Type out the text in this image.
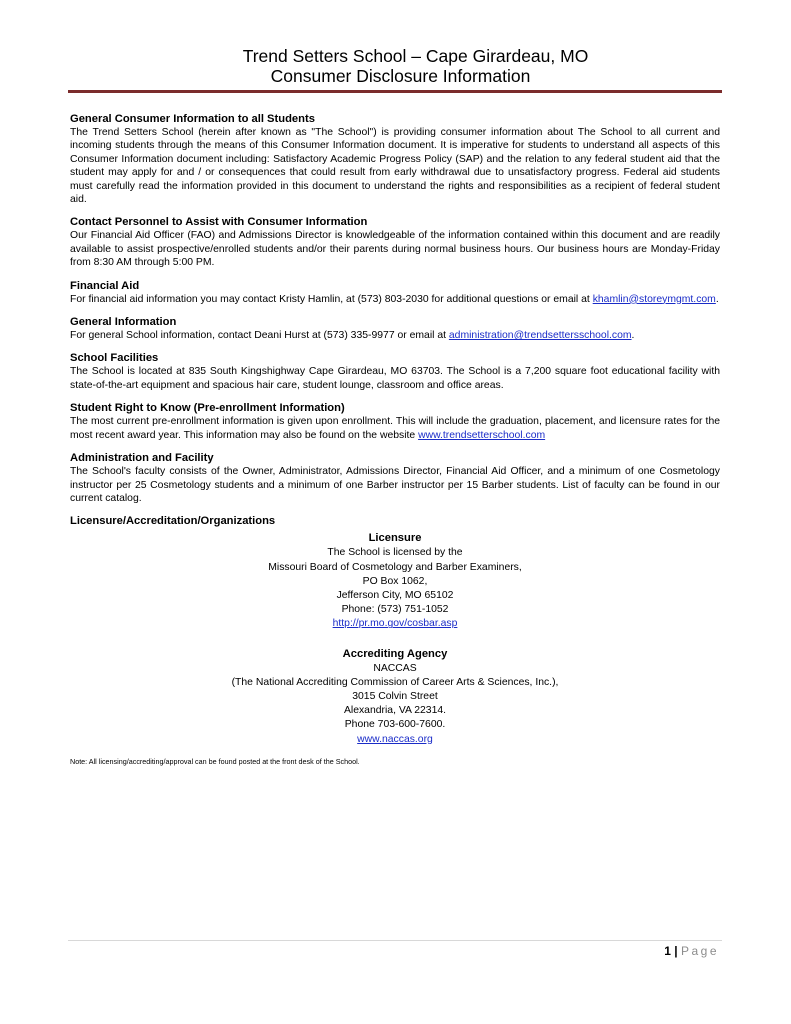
Trend Setters School – Cape Girardeau, MO
Consumer Disclosure Information
General Consumer Information to all Students
The Trend Setters School (herein after known as "The School") is providing consumer information about The School to all current and incoming students through the means of this Consumer Information document. It is imperative for students to understand all aspects of this Consumer Information document including: Satisfactory Academic Progress Policy (SAP) and the relation to any federal student aid that the student may apply for and / or consequences that could result from early withdrawal due to unsatisfactory progress. Federal aid students must carefully read the information provided in this document to understand the rights and responsibilities as a recipient of federal student aid.
Contact Personnel to Assist with Consumer Information
Our Financial Aid Officer (FAO) and Admissions Director is knowledgeable of the information contained within this document and are readily available to assist prospective/enrolled students and/or their parents during normal business hours. Our business hours are Monday-Friday from 8:30 AM through 5:00 PM.
Financial Aid
For financial aid information you may contact Kristy Hamlin, at (573) 803-2030 for additional questions or email at khamlin@storeymgmt.com.
General Information
For general School information, contact Deani Hurst at (573) 335-9977 or email at administration@trendsettersschool.com.
School Facilities
The School is located at 835 South Kingshighway Cape Girardeau, MO 63703. The School is a 7,200 square foot educational facility with state-of-the-art equipment and spacious hair care, student lounge, classroom and office areas.
Student Right to Know (Pre-enrollment Information)
The most current pre-enrollment information is given upon enrollment. This will include the graduation, placement, and licensure rates for the most recent award year. This information may also be found on the website www.trendsetterschool.com
Administration and Facility
The School's faculty consists of the Owner, Administrator, Admissions Director, Financial Aid Officer, and a minimum of one Cosmetology instructor per 25 Cosmetology students and a minimum of one Barber instructor per 15 Barber students. List of faculty can be found in our current catalog.
Licensure/Accreditation/Organizations
Licensure
The School is licensed by the
Missouri Board of Cosmetology and Barber Examiners,
PO Box 1062,
Jefferson City, MO 65102
Phone: (573) 751-1052
http://pr.mo.gov/cosbar.asp
Accrediting Agency
NACCAS
(The National Accrediting Commission of Career Arts & Sciences, Inc.),
3015 Colvin Street
Alexandria, VA 22314.
Phone 703-600-7600.
www.naccas.org
Note: All licensing/accrediting/approval can be found posted at the front desk of the School.
1 | Page
